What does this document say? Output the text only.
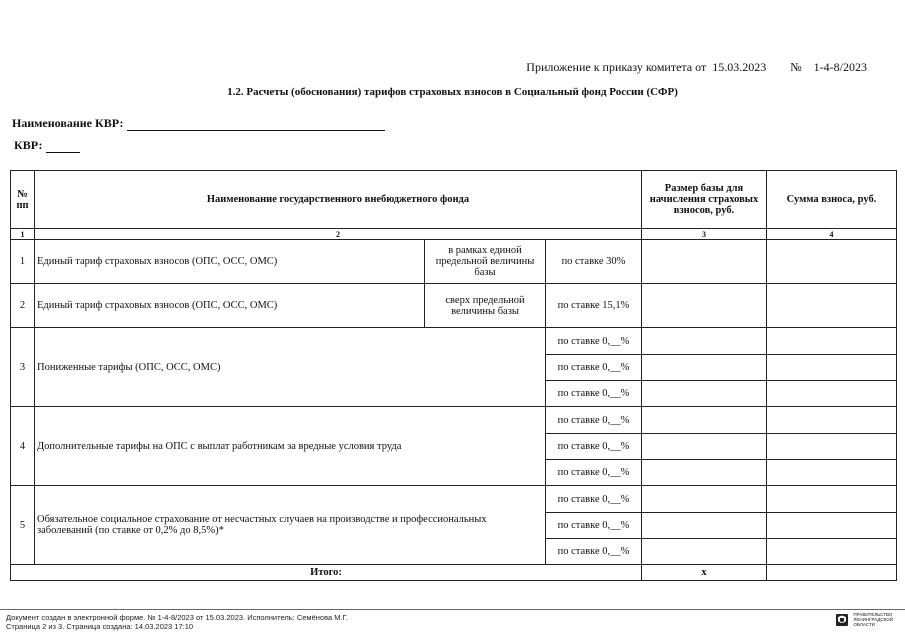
Приложение к приказу комитета от 15.03.2023 № 1-4-8/2023
1.2. Расчеты (обоснования) тарифов страховых взносов в Социальный фонд России (СФР)
Наименование КВР:
КВР:
№ пп	Наименование государственного внебюджетного фонда			Размер базы для начисления страховых взносов, руб.	Сумма взноса, руб.
1	2			3	4
1	Единый тариф страховых взносов (ОПС, ОСС, ОМС)	в рамках единой предельной величины базы	по ставке 30%		
2	Единый тариф страховых взносов (ОПС, ОСС, ОМС)	сверх предельной величины базы	по ставке 15,1%		
3	Пониженные тарифы (ОПС, ОСС, ОМС)		по ставке 0,__%		
			по ставке 0,__%		
			по ставке 0,__%		
4	Дополнительные тарифы на ОПС с выплат работникам за вредные условия труда		по ставке 0,__%		
			по ставке 0,__%		
			по ставке 0,__%		
5	Обязательное социальное страхование от несчастных случаев на производстве и профессиональных заболеваний (по ставке от 0,2% до 8,5%)*		по ставке 0,__%		
			по ставке 0,__%		
			по ставке 0,__%		
Итого:				х	
Документ создан в электронной форме. № 1-4-8/2023 от 15.03.2023. Исполнитель: Семёнова М.Г.
Страница 2 из 3. Страница создана: 14.03.2023 17:10
ПРАВИТЕЛЬСТВО
ЛЕНИНГРАДСКОЙ
ОБЛАСТИ
